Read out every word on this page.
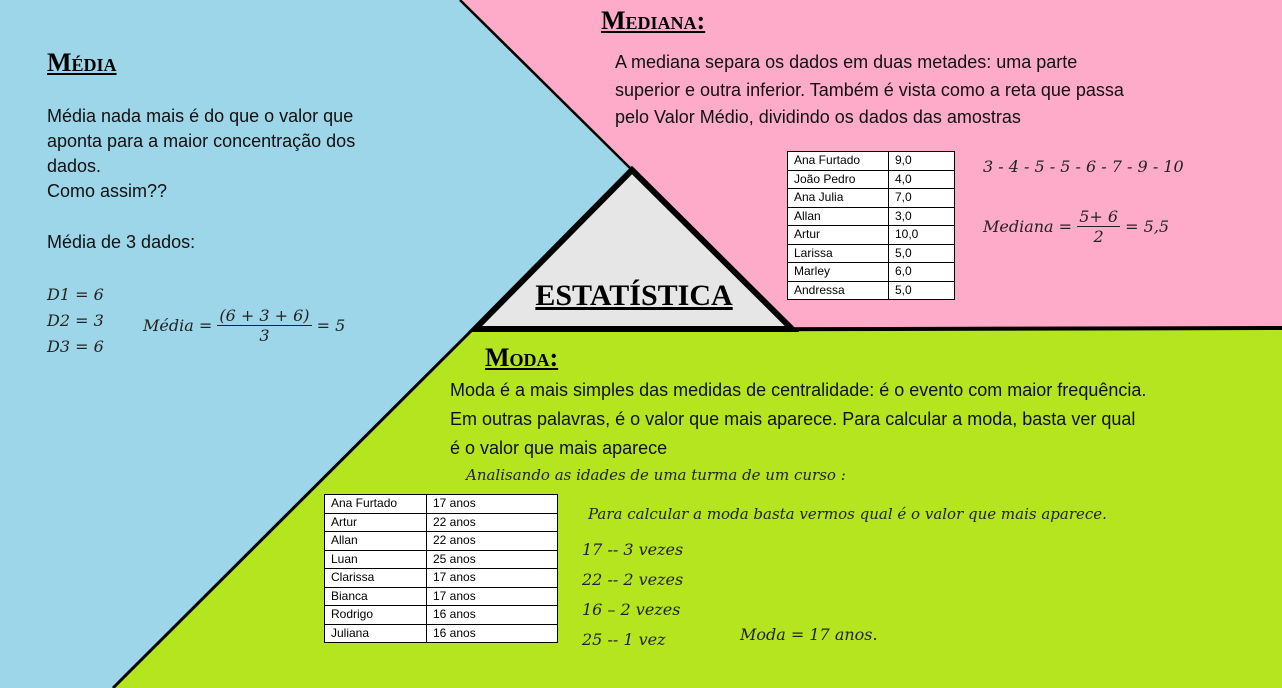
ESTATÍSTICA
Média
Média nada mais é do que o valor que
aponta para a maior concentração dos
dados.
Como assim??
Média de 3 dados:
D1 = 6
D2 = 3
D3 = 6
Média = $\frac{(6 + 3 + 6)}{3} = 5$
Mediana:
A mediana separa os dados em duas metades: uma parte
superior e outra inferior. Também é vista como a reta que passa
pelo Valor Médio, dividindo os dados das amostras
Ana Furtado	9,0
João Pedro	4,0
Ana Julia	7,0
Allan	3,0
Artur	10,0
Larissa	5,0
Marley	6,0
Andressa	5,0
3 - 4 - 5 - 5 - 6 - 7 - 9 - 10
Mediana = $\frac{5+ 6}{2} = 5,5$
Moda:
Moda é a mais simples das medidas de centralidade: é o evento com maior frequência.
Em outras palavras, é o valor que mais aparece. Para calcular a moda, basta ver qual
é o valor que mais aparece
Analisando as idades de uma turma de um curso :
Ana Furtado	17 anos
Artur	22 anos
Allan	22 anos
Luan	25 anos
Clarissa	17 anos
Bianca	17 anos
Rodrigo	16 anos
Juliana	16 anos
Para calcular a moda basta vermos qual é o valor que mais aparece.
17 -- 3 vezes
22 -- 2 vezes
16 – 2 vezes
25 -- 1 vez	Moda = 17 anos.
